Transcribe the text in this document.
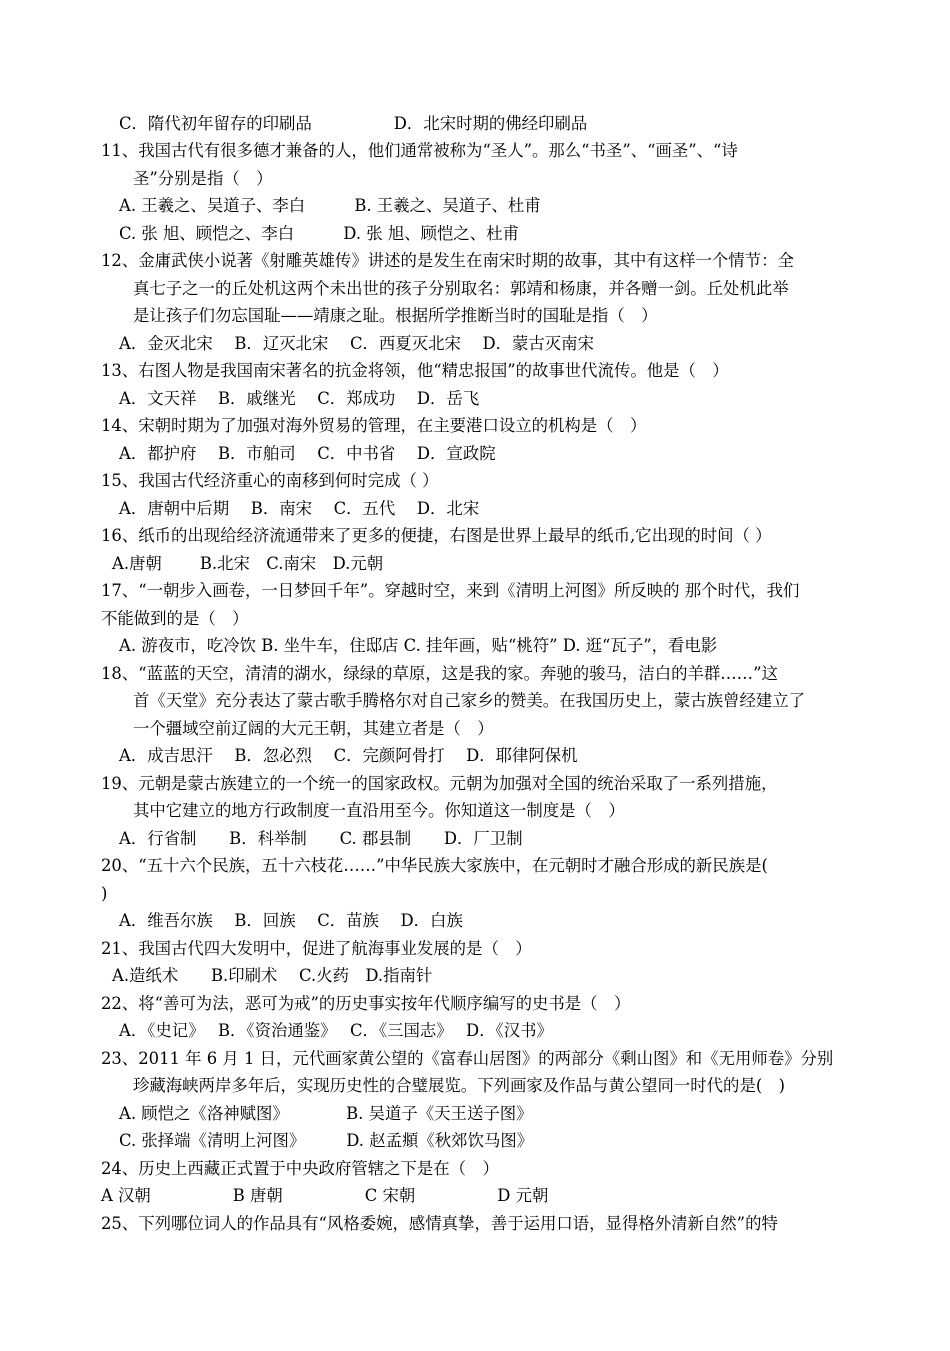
C．隋代初年留存的印刷品　　　　　D．北宋时期的佛经印刷品

11、我国古代有很多德才兼备的人，他们通常被称为“圣人”。那么“书圣”、“画圣”、“诗

圣”分别是指（　）

A. 王羲之、吴道子、李白　　　B. 王羲之、吴道子、杜甫

C. 张 旭、顾恺之、李白　　　D. 张 旭、顾恺之、杜甫

12、金庸武侠小说著《射雕英雄传》讲述的是发生在南宋时期的故事，其中有这样一个情节：全

真七子之一的丘处机这两个未出世的孩子分别取名：郭靖和杨康，并各赠一剑。丘处机此举

是让孩子们勿忘国耻——靖康之耻。根据所学推断当时的国耻是指（　）

A．金灭北宋　 B．辽灭北宋　 C．西夏灭北宋　 D．蒙古灭南宋

13、右图人物是我国南宋著名的抗金将领，他“精忠报国”的故事世代流传。他是（　）

A．文天祥　 B．戚继光　 C．郑成功　 D．岳飞

14、宋朝时期为了加强对海外贸易的管理，在主要港口设立的机构是（　）

A．都护府　 B．市舶司　 C．中书省　 D．宣政院

15、我国古代经济重心的南移到何时完成（ ）

A．唐朝中后期　 B．南宋　 C．五代　 D．北宋

16、纸币的出现给经济流通带来了更多的便捷，右图是世界上最早的纸币,它出现的时间（ ）

A.唐朝　　 B.北宋　C.南宋　D.元朝

17、“一朝步入画卷，一日梦回千年”。穿越时空，来到《清明上河图》所反映的 那个时代，我们

不能做到的是（　）

A. 游夜市，吃冷饮 B. 坐牛车，住邸店 C. 挂年画，贴“桃符” D. 逛“瓦子”，看电影

18、“蓝蓝的天空，清清的湖水，绿绿的草原，这是我的家。奔驰的骏马，洁白的羊群……”这

首《天堂》充分表达了蒙古歌手腾格尔对自己家乡的赞美。在我国历史上，蒙古族曾经建立了

一个疆域空前辽阔的大元王朝，其建立者是（　）

A．成吉思汗　 B．忽必烈　 C．完颜阿骨打　 D．耶律阿保机

19、元朝是蒙古族建立的一个统一的国家政权。元朝为加强对全国的统治采取了一系列措施，

其中它建立的地方行政制度一直沿用至今。你知道这一制度是（　）

A．行省制　　B．科举制　　C. 郡县制　　D．厂卫制

20、“五十六个民族，五十六枝花……”中华民族大家族中，在元朝时才融合形成的新民族是(

)

A．维吾尔族　 B．回族　 C．苗族　 D．白族

21、我国古代四大发明中，促进了航海事业发展的是（　）

A.造纸术　　B.印刷术　 C.火药　D.指南针

22、将“善可为法，恶可为戒”的历史事实按年代顺序编写的史书是（　）

A．《史记》　 B．《资治通鉴》　 C．《三国志》　 D．《汉书》

23、2011 年 6 月 1 日，元代画家黄公望的《富春山居图》的两部分《剩山图》和《无用师卷》分别

珍藏海峡两岸多年后，实现历史性的合璧展览。下列画家及作品与黄公望同一时代的是(　)

A. 顾恺之《洛神赋图》　　　　B. 吴道子《天王送子图》

C. 张择端《清明上河图》　　　D. 赵孟頫《秋郊饮马图》

24、历史上西藏正式置于中央政府管辖之下是在（　）

A 汉朝　　　　　B 唐朝　　　　　C 宋朝　　　　　D 元朝

25、下列哪位词人的作品具有“风格委婉，感情真挚，善于运用口语，显得格外清新自然”的特
